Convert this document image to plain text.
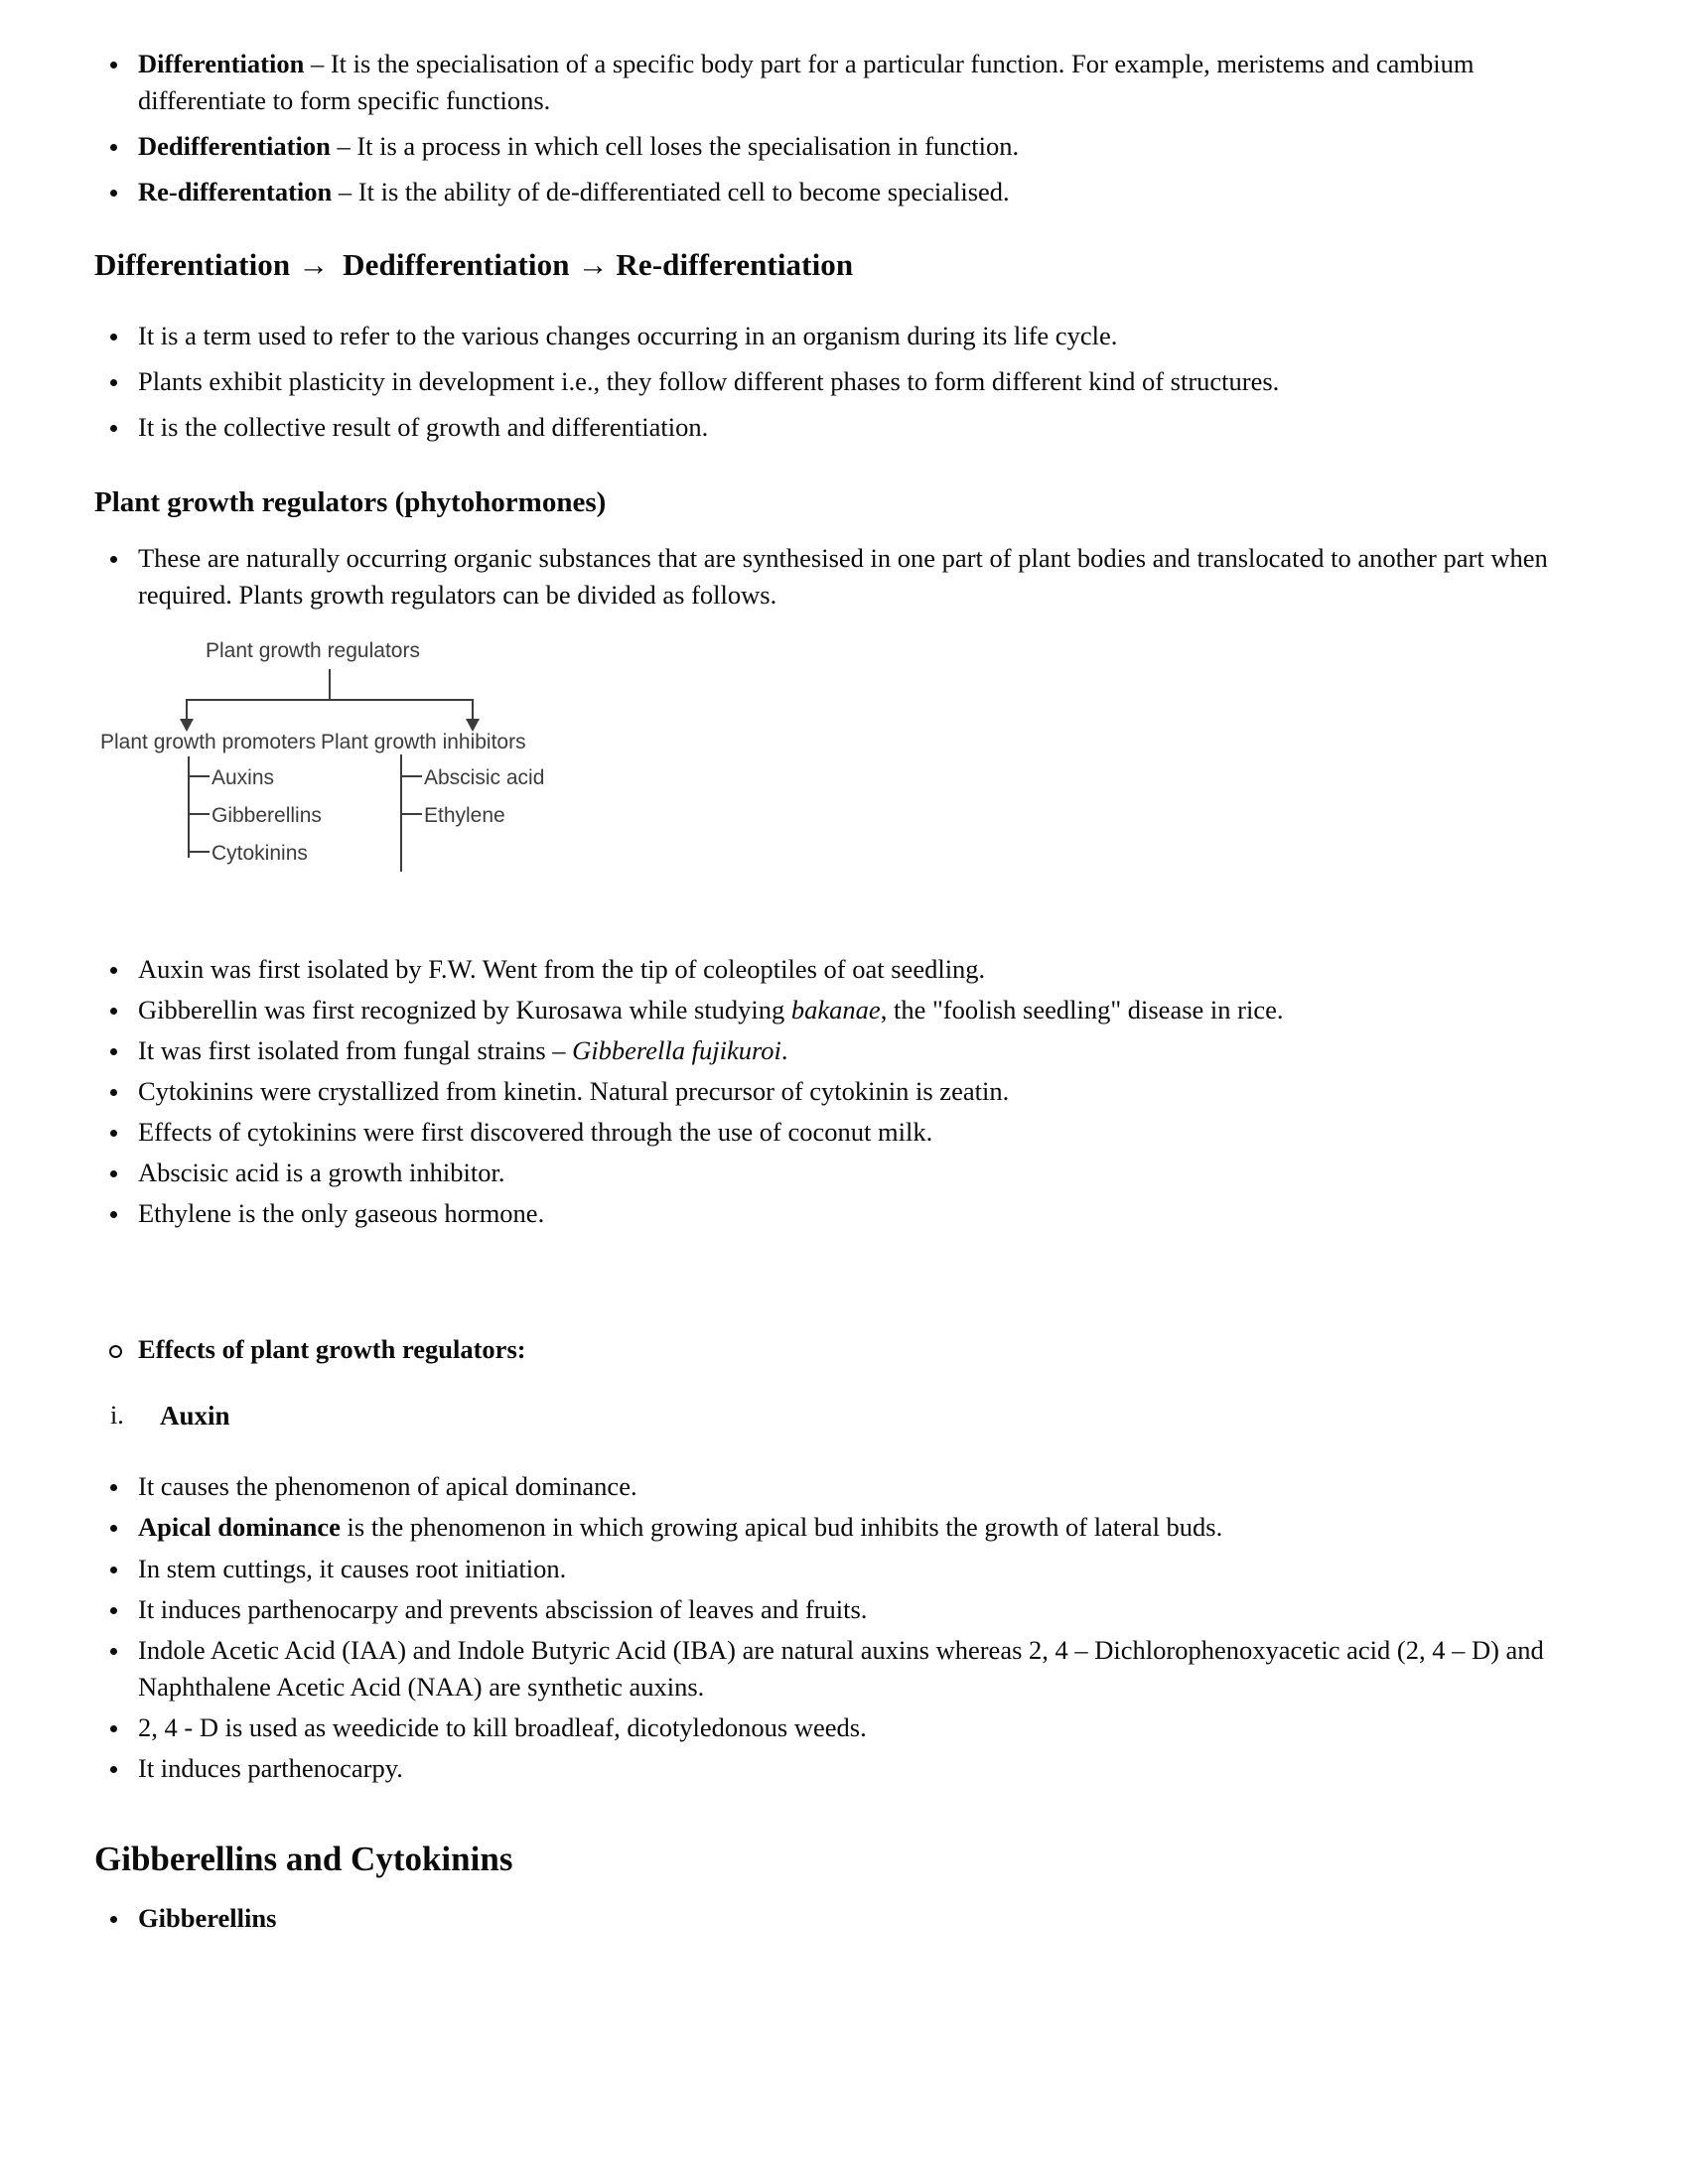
Differentiation – It is the specialisation of a specific body part for a particular function. For example, meristems and cambium differentiate to form specific functions.
Dedifferentiation – It is a process in which cell loses the specialisation in function.
Re-differentation – It is the ability of de-differentiated cell to become specialised.
Differentiation → Dedifferentiation → Re-differentiation
It is a term used to refer to the various changes occurring in an organism during its life cycle.
Plants exhibit plasticity in development i.e., they follow different phases to form different kind of structures.
It is the collective result of growth and differentiation.
Plant growth regulators (phytohormones)
These are naturally occurring organic substances that are synthesised in one part of plant bodies and translocated to another part when required. Plants growth regulators can be divided as follows.
Plant growth regulators
Plant growth promoters Plant growth inhibitors
Auxins
Gibberellins
Cytokinins
Abscisic acid
Ethylene
Auxin was first isolated by F.W. Went from the tip of coleoptiles of oat seedling.
Gibberellin was first recognized by Kurosawa while studying bakanae, the "foolish seedling" disease in rice.
It was first isolated from fungal strains – Gibberella fujikuroi.
Cytokinins were crystallized from kinetin. Natural precursor of cytokinin is zeatin.
Effects of cytokinins were first discovered through the use of coconut milk.
Abscisic acid is a growth inhibitor.
Ethylene is the only gaseous hormone.
Effects of plant growth regulators:
i. Auxin
It causes the phenomenon of apical dominance.
Apical dominance is the phenomenon in which growing apical bud inhibits the growth of lateral buds.
In stem cuttings, it causes root initiation.
It induces parthenocarpy and prevents abscission of leaves and fruits.
Indole Acetic Acid (IAA) and Indole Butyric Acid (IBA) are natural auxins whereas 2, 4 – Dichlorophenoxyacetic acid (2, 4 – D) and Naphthalene Acetic Acid (NAA) are synthetic auxins.
2, 4 - D is used as weedicide to kill broadleaf, dicotyledonous weeds.
It induces parthenocarpy.
Gibberellins and Cytokinins
Gibberellins
